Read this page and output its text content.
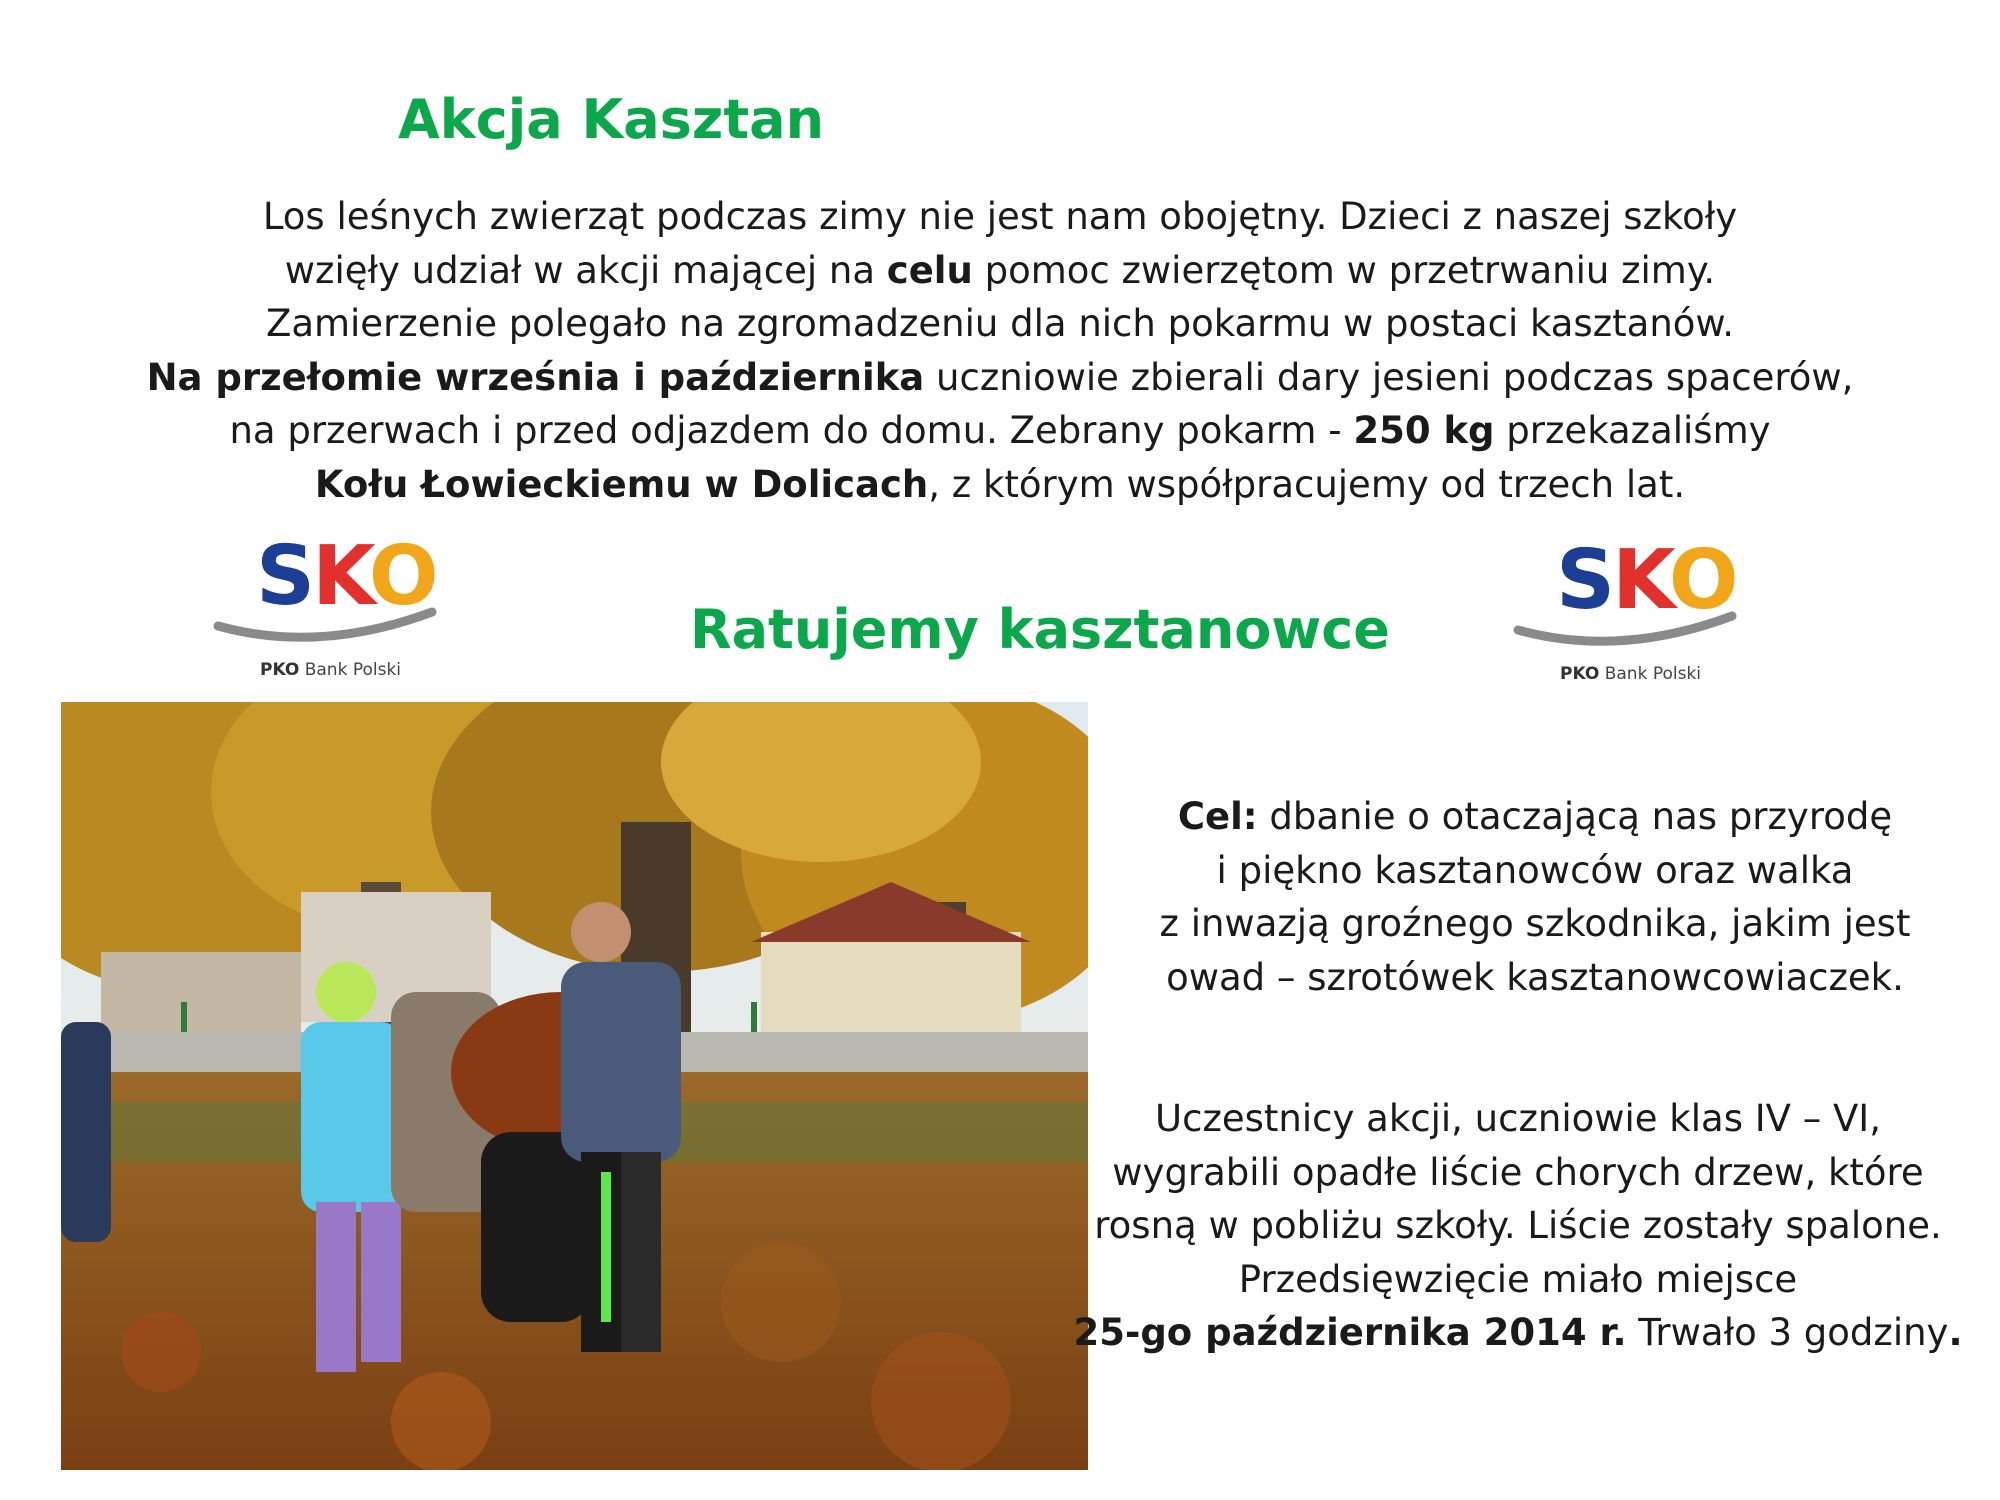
Akcja Kasztan
Los leśnych zwierząt podczas zimy nie jest nam obojętny. Dzieci z naszej szkoły
wzięły udział w akcji mającej na celu pomoc zwierzętom w przetrwaniu zimy.
Zamierzenie polegało na zgromadzeniu dla nich pokarmu w postaci kasztanów.
Na przełomie września i października uczniowie zbierali dary jesieni podczas spacerów,
na przerwach i przed odjazdem do domu. Zebrany pokarm - 250 kg przekazaliśmy
Kołu Łowieckiemu w Dolicach, z którym współpracujemy od trzech lat.
SKO
PKO Bank Polski
Ratujemy kasztanowce
SKO
PKO Bank Polski
Cel: dbanie o otaczającą nas przyrodę
i piękno kasztanowców oraz walka
z inwazją groźnego szkodnika, jakim jest
owad – szrotówek kasztanowcowiaczek.
Uczestnicy akcji, uczniowie klas IV – VI,
wygrabili opadłe liście chorych drzew, które
rosną w pobliżu szkoły. Liście zostały spalone.
Przedsięwzięcie miało miejsce
25-go października 2014 r. Trwało 3 godziny.
